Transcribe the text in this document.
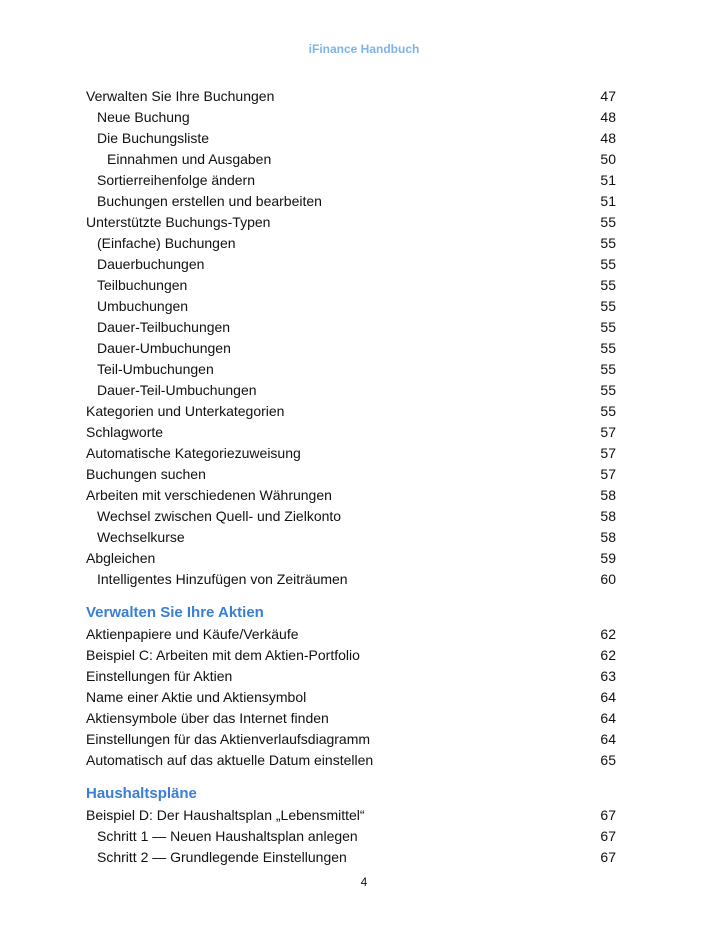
iFinance Handbuch
Verwalten Sie Ihre Buchungen	47
Neue Buchung	48
Die Buchungsliste	48
Einnahmen und Ausgaben	50
Sortierreihenfolge ändern	51
Buchungen erstellen und bearbeiten	51
Unterstützte Buchungs-Typen	55
(Einfache) Buchungen	55
Dauerbuchungen	55
Teilbuchungen	55
Umbuchungen	55
Dauer-Teilbuchungen	55
Dauer-Umbuchungen	55
Teil-Umbuchungen	55
Dauer-Teil-Umbuchungen	55
Kategorien und Unterkategorien	55
Schlagworte	57
Automatische Kategoriezuweisung	57
Buchungen suchen	57
Arbeiten mit verschiedenen Währungen	58
Wechsel zwischen Quell- und Zielkonto	58
Wechselkurse	58
Abgleichen	59
Intelligentes Hinzufügen von Zeiträumen	60
Verwalten Sie Ihre Aktien
Aktienpapiere und Käufe/Verkäufe	62
Beispiel C: Arbeiten mit dem Aktien-Portfolio	62
Einstellungen für Aktien	63
Name einer Aktie und Aktiensymbol	64
Aktiensymbole über das Internet finden	64
Einstellungen für das Aktienverlaufsdiagramm	64
Automatisch auf das aktuelle Datum einstellen	65
Haushaltspläne
Beispiel D: Der Haushaltsplan „Lebensmittel“	67
Schritt 1 — Neuen Haushaltsplan anlegen	67
Schritt 2 — Grundlegende Einstellungen	67
4
